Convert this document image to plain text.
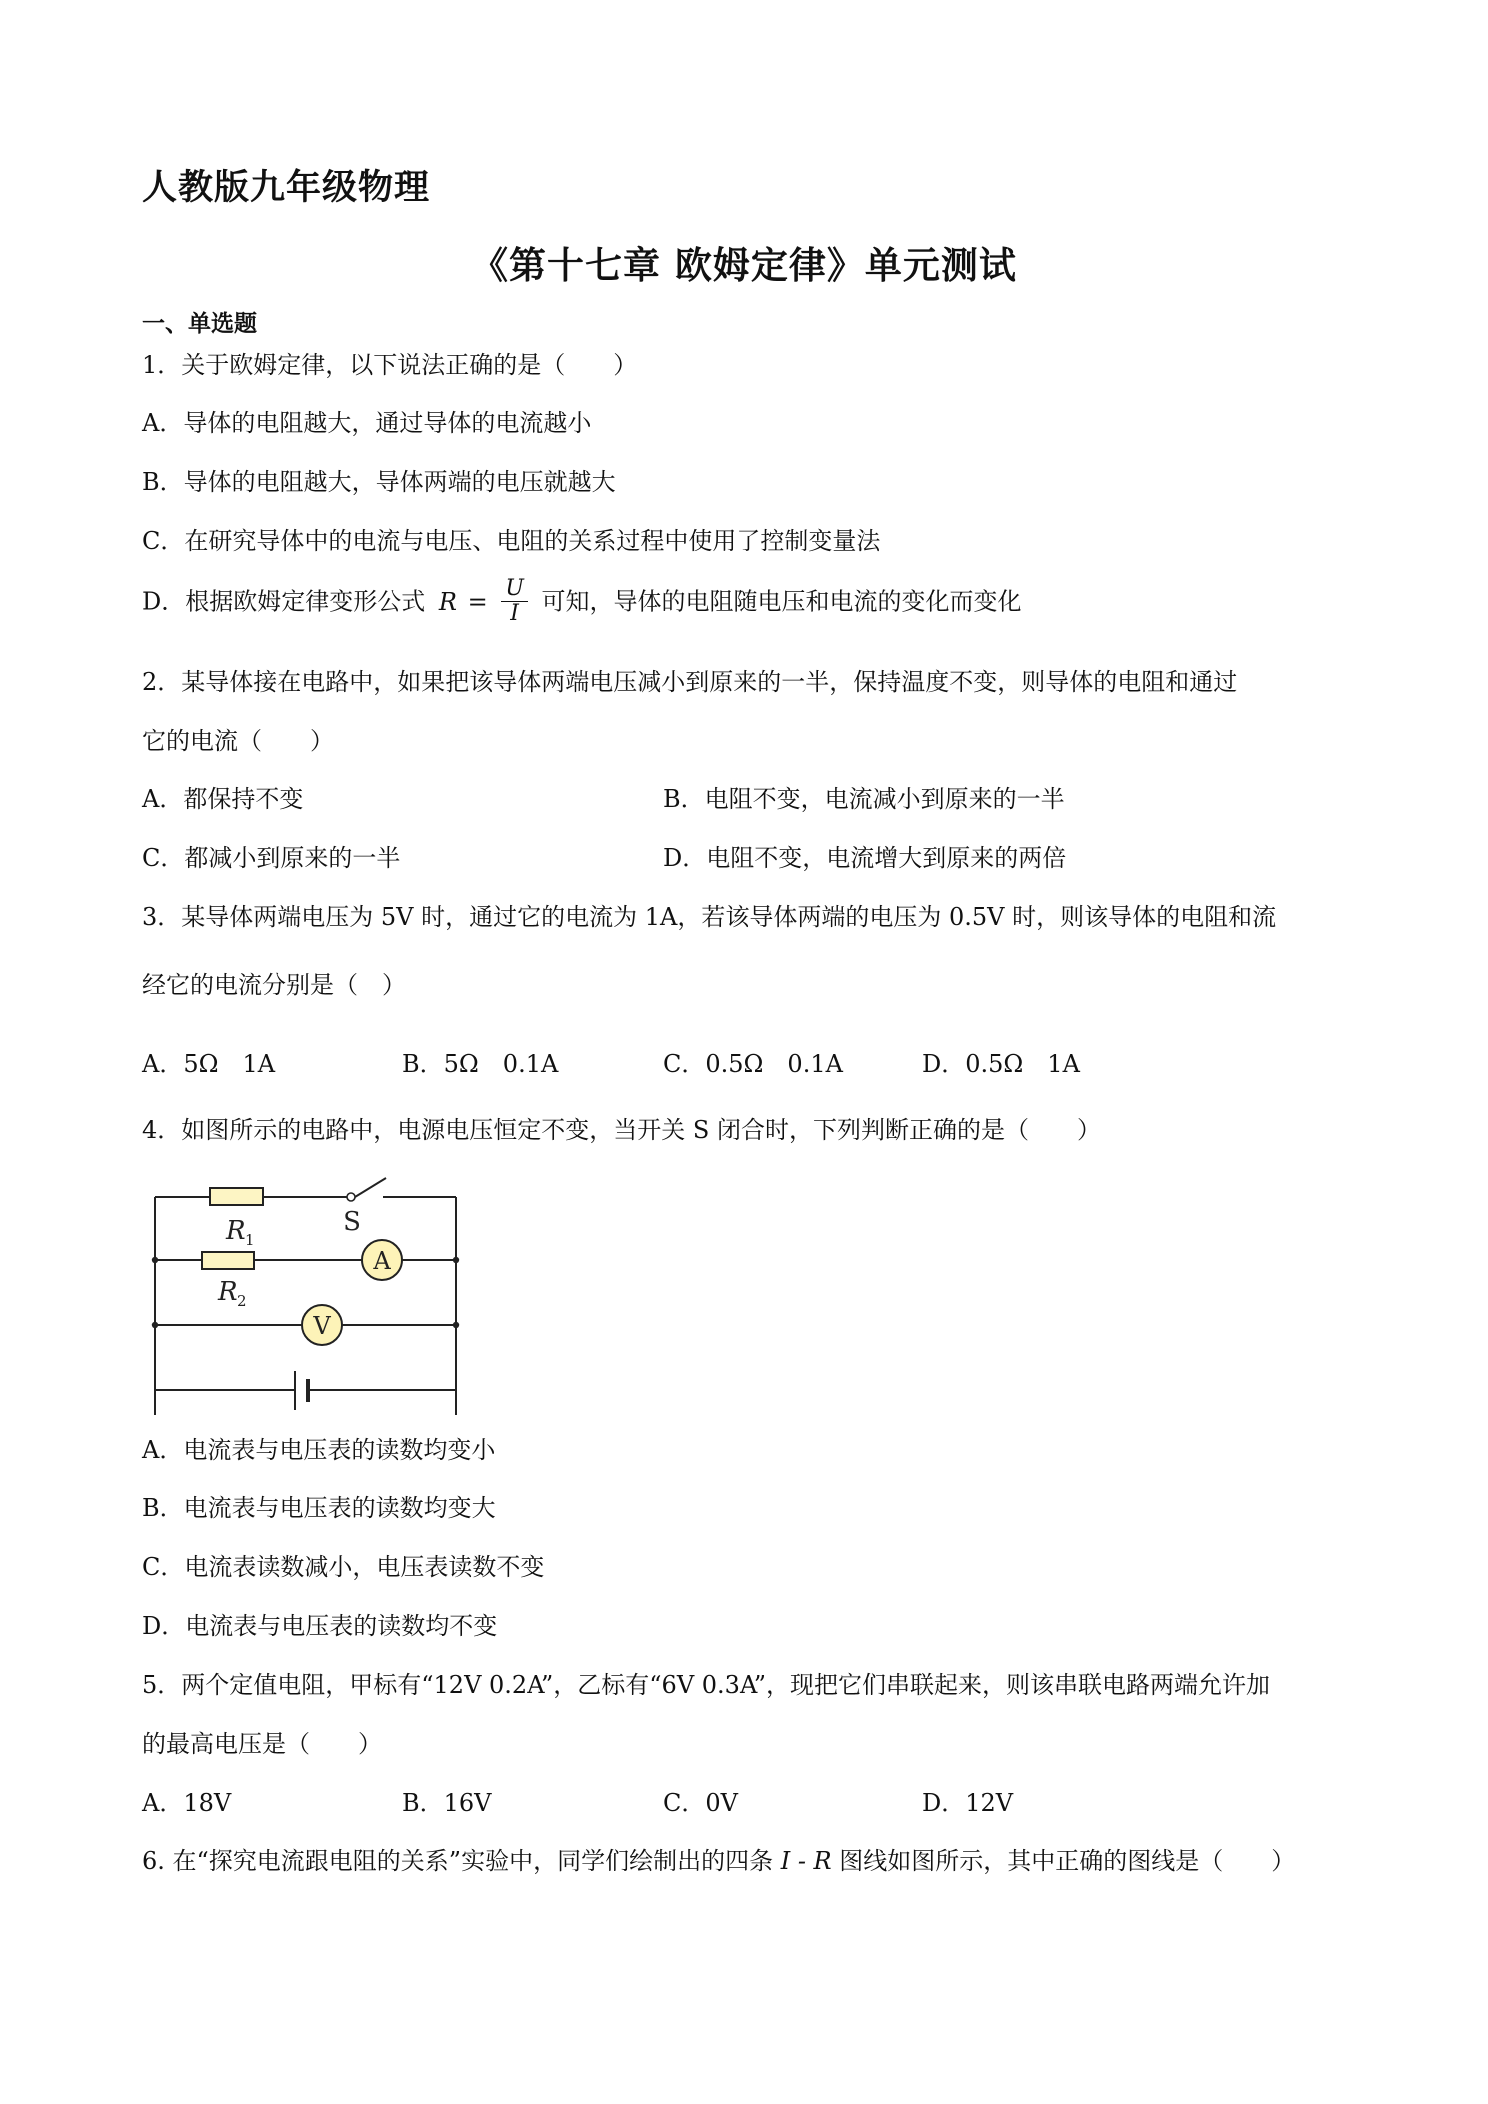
人教版九年级物理
《第十七章 欧姆定律》单元测试
一、单选题
1．关于欧姆定律，以下说法正确的是（　　）
A．导体的电阻越大，通过导体的电流越小
B．导体的电阻越大，导体两端的电压就越大
C．在研究导体中的电流与电压、电阻的关系过程中使用了控制变量法
D．根据欧姆定律变形公式 $R = \frac{U}{I}$ 可知，导体的电阻随电压和电流的变化而变化
2．某导体接在电路中，如果把该导体两端电压减小到原来的一半，保持温度不变，则导体的电阻和通过
它的电流（　　）
A．都保持不变	B．电阻不变，电流减小到原来的一半
C．都减小到原来的一半	D．电阻不变，电流增大到原来的两倍
3．某导体两端电压为 5V 时，通过它的电流为 1A，若该导体两端的电压为 0.5V 时，则该导体的电阻和流
经它的电流分别是（　）
A．5Ω　1A	B．5Ω　0.1A	C．0.5Ω　0.1A	D．0.5Ω　1A
4．如图所示的电路中，电源电压恒定不变，当开关 S 闭合时，下列判断正确的是（　　）
S
R 1
R 2
A
V
A．电流表与电压表的读数均变小
B．电流表与电压表的读数均变大
C．电流表读数减小，电压表读数不变
D．电流表与电压表的读数均不变
5．两个定值电阻，甲标有“12V 0.2A”，乙标有“6V 0.3A”，现把它们串联起来，则该串联电路两端允许加
的最高电压是（　　）
A．18V	B．16V	C．0V	D．12V
6. 在“探究电流跟电阻的关系”实验中，同学们绘制出的四条 I - R 图线如图所示，其中正确的图线是（　　）
